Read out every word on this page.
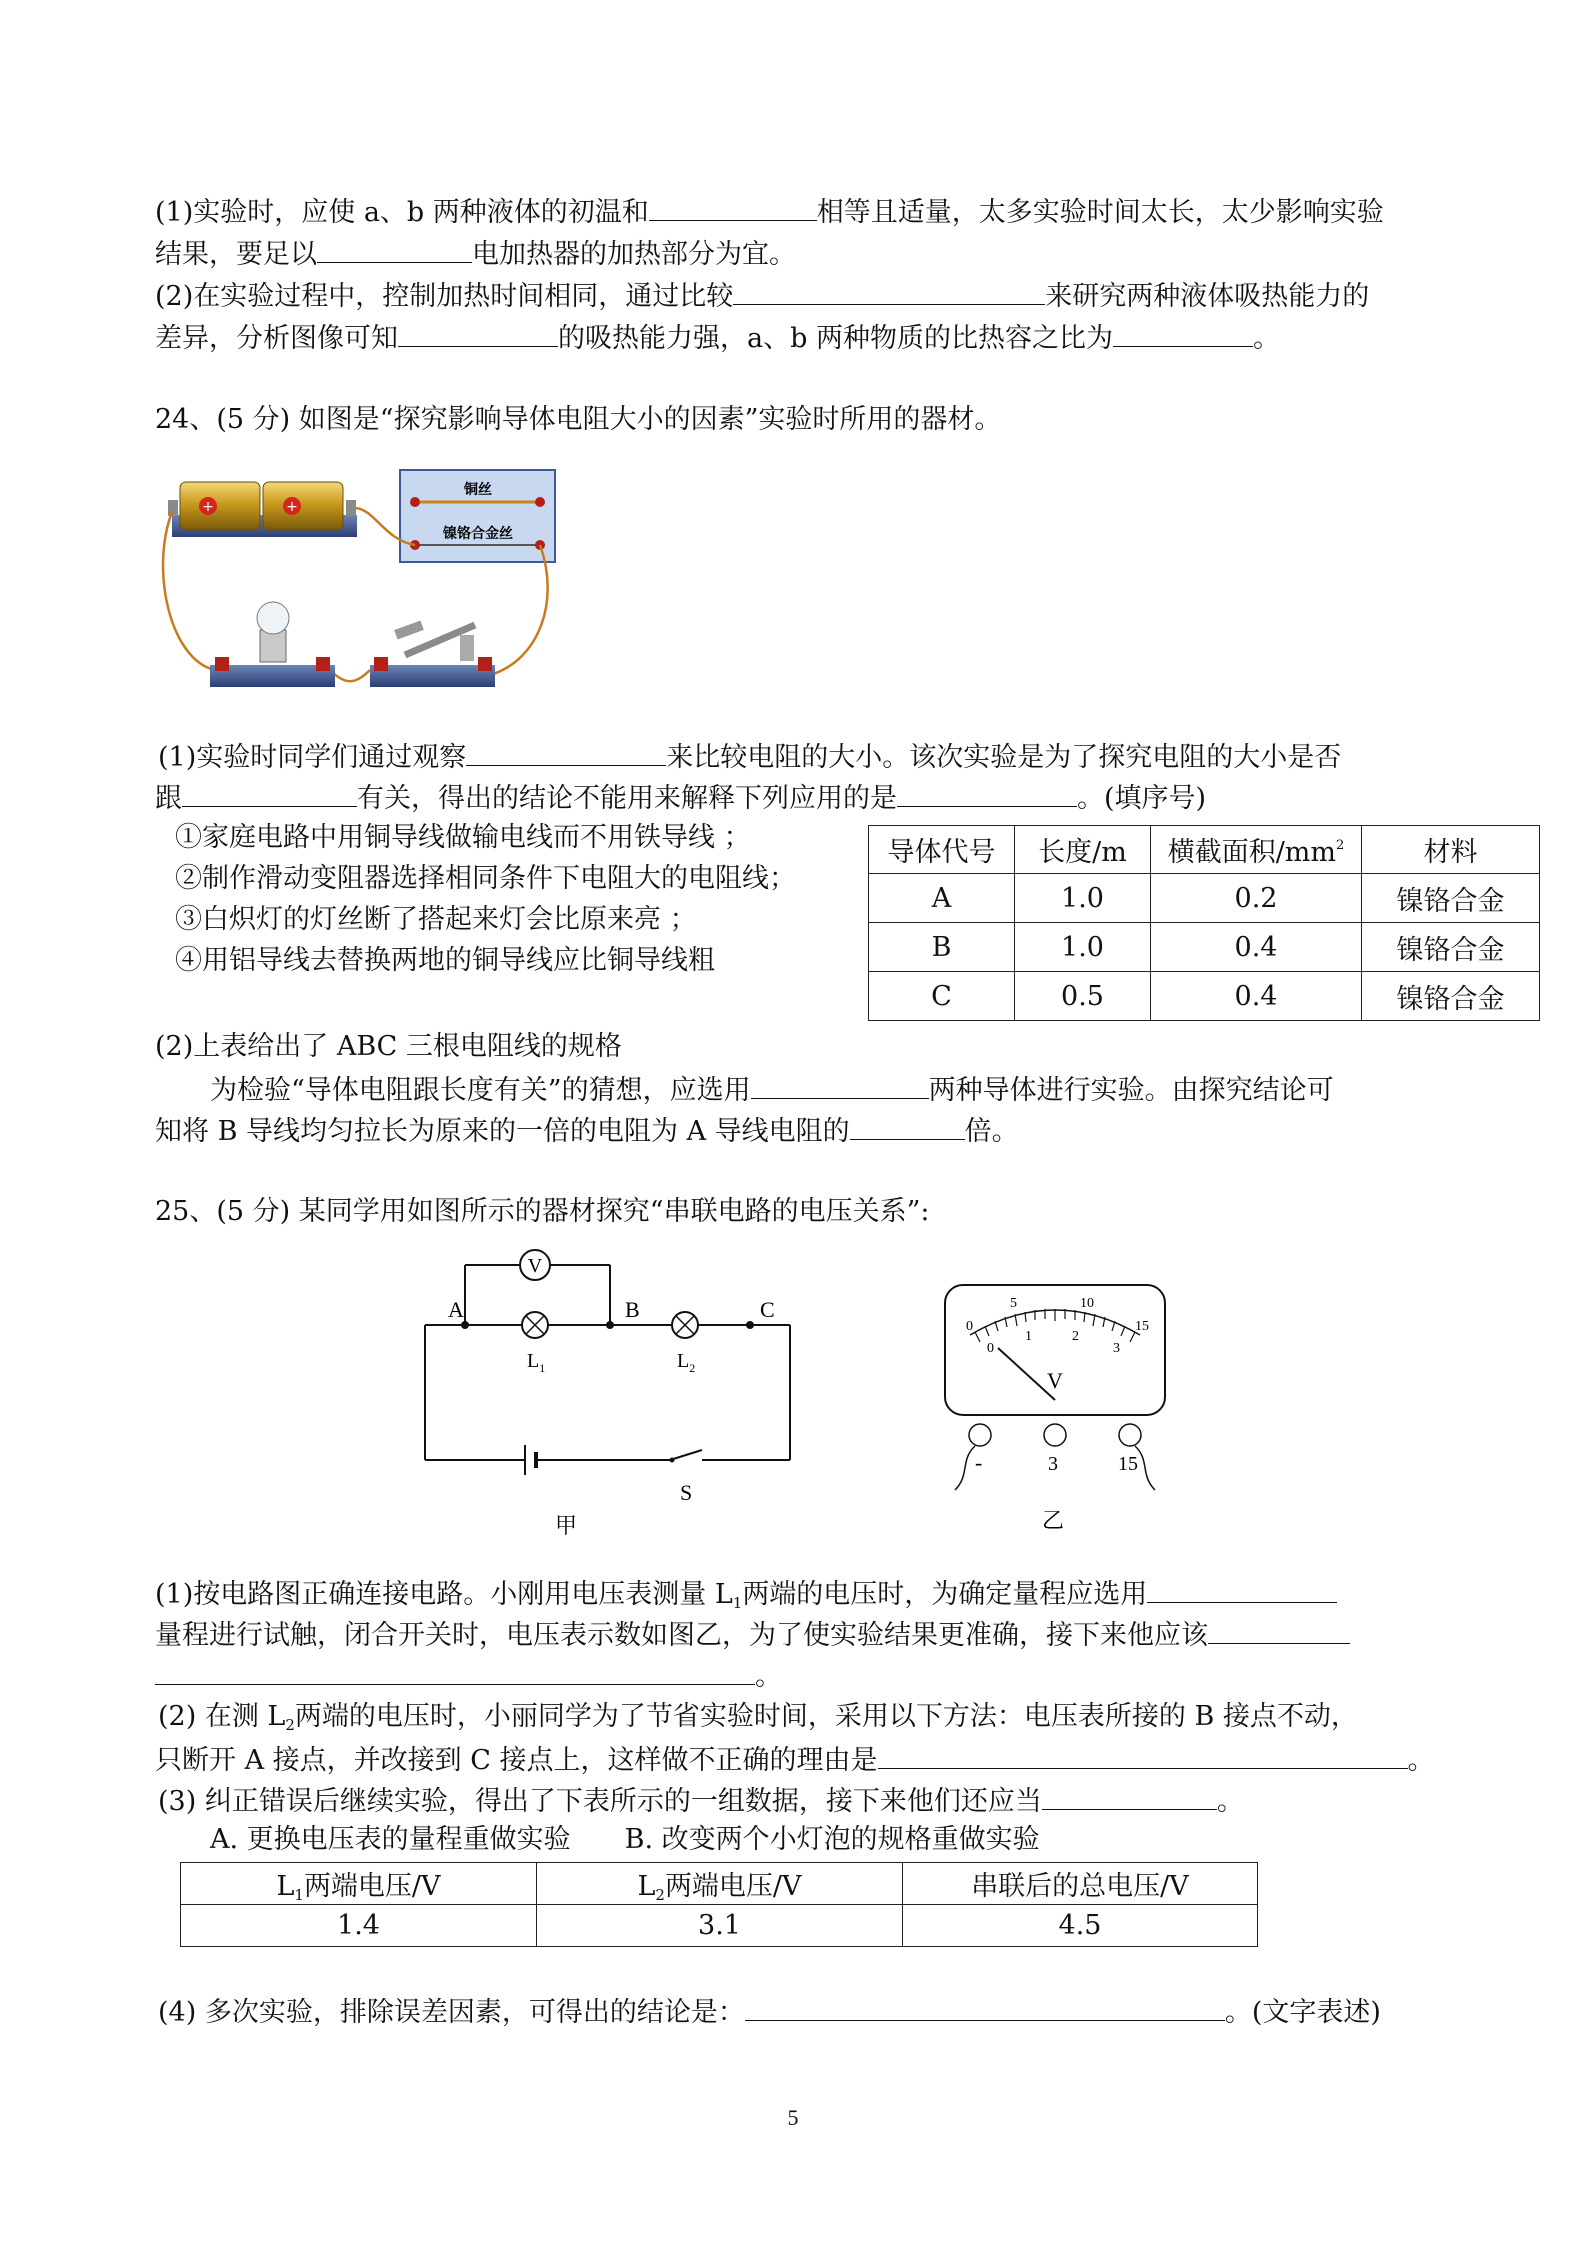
(1)实验时，应使 a、b 两种液体的初温和	相等且适量，太多实验时间太长，太少影响实验
结果，要足以	电加热器的加热部分为宜。
(2)在实验过程中，控制加热时间相同，通过比较	来研究两种液体吸热能力的
差异，分析图像可知	的吸热能力强，a、b 两种物质的比热容之比为	。
24、(5 分) 如图是“探究影响导体电阻大小的因素”实验时所用的器材。
+	+
铜丝
镍铬合金丝
(1)实验时同学们通过观察	来比较电阻的大小。该次实验是为了探究电阻的大小是否
跟	有关，得出的结论不能用来解释下列应用的是	。(填序号)
①家庭电路中用铜导线做输电线而不用铁导线 ；
②制作滑动变阻器选择相同条件下电阻大的电阻线；
③白炽灯的灯丝断了搭起来灯会比原来亮 ；
④用铝导线去替换两地的铜导线应比铜导线粗
导体代号	长度/m	横截面积$/mm^2$	材料
A	1.0	0.2	镍铬合金
B	1.0	0.4	镍铬合金
C	0.5	0.4	镍铬合金
(2)上表给出了 ABC 三根电阻线的规格
为检验“导体电阻跟长度有关”的猜想，应选用	两种导体进行实验。由探究结论可
知将 B 导线均匀拉长为原来的一倍的电阻为 A 导线电阻的	倍。
25、(5 分) 某同学用如图所示的器材探究“串联电路的电压关系”:
V
A	B	C
$L_1$	$L_2$
S
甲
0
5	10
15
0
1	2
3
V
-	3	15
乙
(1)按电路图正确连接电路。小刚用电压表测量 $L_1$两端的电压时，为确定量程应选用
量程进行试触，闭合开关时，电压表示数如图乙，为了使实验结果更准确，接下来他应该
。
(2) 在测 $L_2$两端的电压时，小丽同学为了节省实验时间，采用以下方法：电压表所接的 B 接点不动，
只断开 A 接点，并改接到 C 接点上，这样做不正确的理由是	。
(3) 纠正错误后继续实验，得出了下表所示的一组数据，接下来他们还应当	。
A. 更换电压表的量程重做实验　　B. 改变两个小灯泡的规格重做实验
$L_1$两端电压/V	$L_2$两端电压/V	串联后的总电压/V
1.4	3.1	4.5
(4) 多次实验，排除误差因素，可得出的结论是：	。(文字表述)
5
